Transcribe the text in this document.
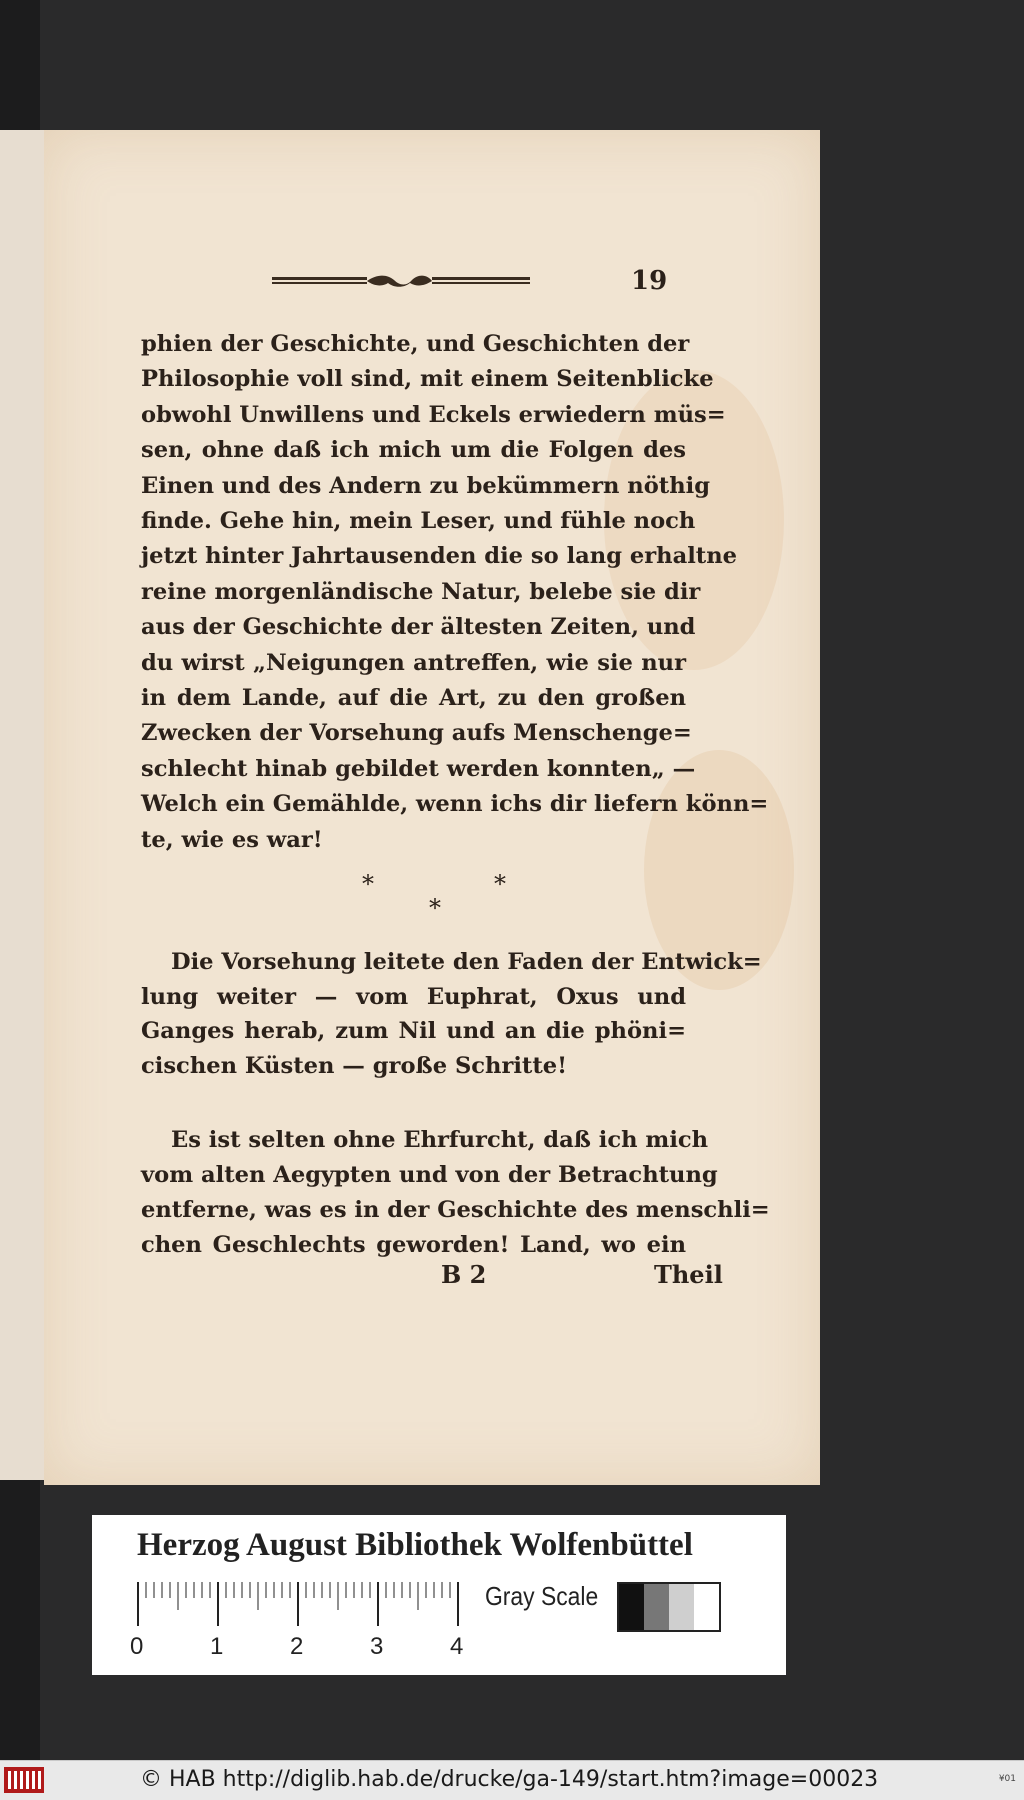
19
phien der Geschichte, und Geschichten der
Philosophie voll sind, mit einem Seitenblicke
obwohl Unwillens und Eckels erwiedern müs=
sen, ohne daß ich mich um die Folgen des
Einen und des Andern zu bekümmern nöthig
finde. Gehe hin, mein Leser, und fühle noch
jetzt hinter Jahrtausenden die so lang erhaltne
reine morgenländische Natur, belebe sie dir
aus der Geschichte der ältesten Zeiten, und
du wirst „Neigungen antreffen, wie sie nur
in dem Lande, auf die Art, zu den großen
Zwecken der Vorsehung aufs Menschenge=
schlecht hinab gebildet werden konnten„ —
Welch ein Gemählde, wenn ichs dir liefern könn=
te, wie es war!
*	*
*
Die Vorsehung leitete den Faden der Entwick=
lung weiter — vom Euphrat, Oxus und
Ganges herab, zum Nil und an die phöni=
cischen Küsten — große Schritte!
Es ist selten ohne Ehrfurcht, daß ich mich
vom alten Aegypten und von der Betrachtung
entferne, was es in der Geschichte des menschli=
chen Geschlechts geworden! Land, wo ein
B 2	Theil
Herzog August Bibliothek Wolfenbüttel
0	1	2	3	4
Gray Scale
© HAB http://diglib.hab.de/drucke/ga-149/start.htm?image=00023	¥01
